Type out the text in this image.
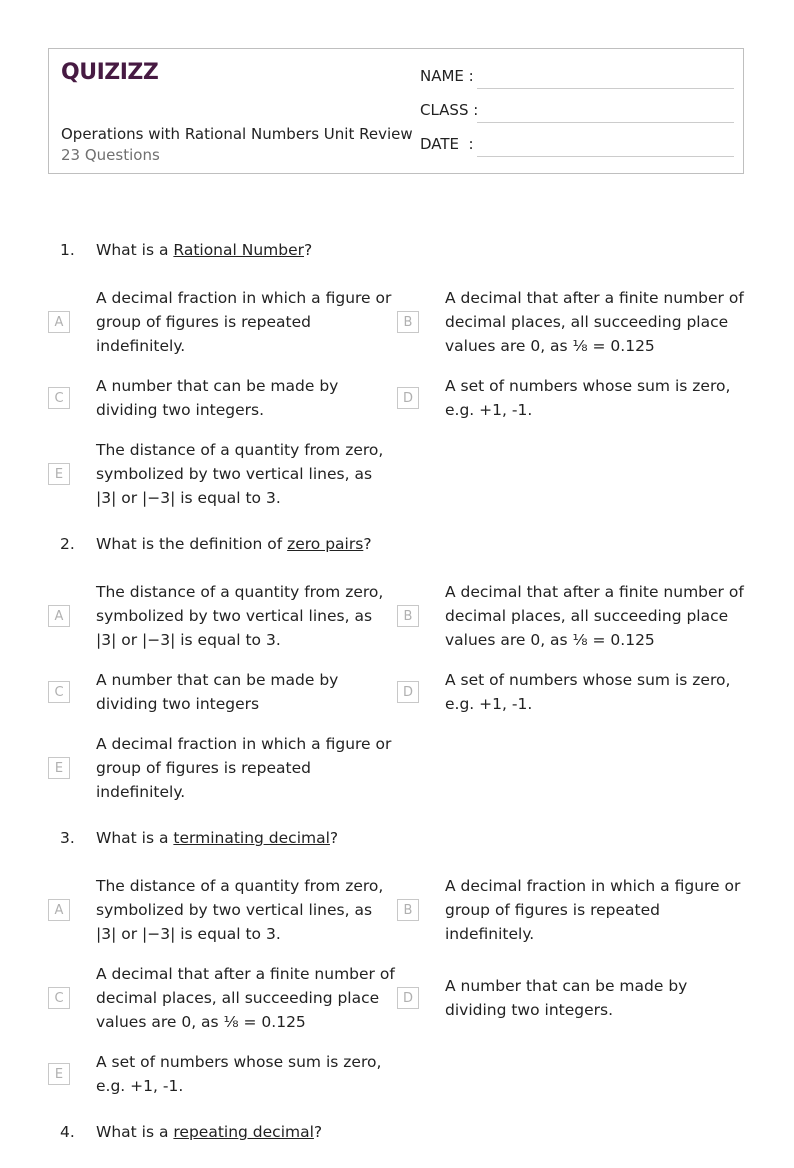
QUIZIZZ
Operations with Rational Numbers Unit Review
23 Questions
NAME :
CLASS :
DATE  :
1. What is a Rational Number?
A
A decimal fraction in which a figure or group of figures is repeated indefinitely.
B
A decimal that after a finite number of decimal places, all succeeding place values are 0, as ⅛ = 0.125
C
A number that can be made by dividing two integers.
D
A set of numbers whose sum is zero, e.g. +1, -1.
E
The distance of a quantity from zero, symbolized by two vertical lines, as |3| or |−3| is equal to 3.
2. What is the definition of zero pairs?
A
The distance of a quantity from zero, symbolized by two vertical lines, as |3| or |−3| is equal to 3.
B
A decimal that after a finite number of decimal places, all succeeding place values are 0, as ⅛ = 0.125
C
A number that can be made by dividing two integers
D
A set of numbers whose sum is zero, e.g. +1, -1.
E
A decimal fraction in which a figure or group of figures is repeated indefinitely.
3. What is a terminating decimal?
A
The distance of a quantity from zero, symbolized by two vertical lines, as |3| or |−3| is equal to 3.
B
A decimal fraction in which a figure or group of figures is repeated indefinitely.
C
A decimal that after a finite number of decimal places, all succeeding place values are 0, as ⅛ = 0.125
D
A number that can be made by dividing two integers.
E
A set of numbers whose sum is zero, e.g. +1, -1.
4. What is a repeating decimal?
